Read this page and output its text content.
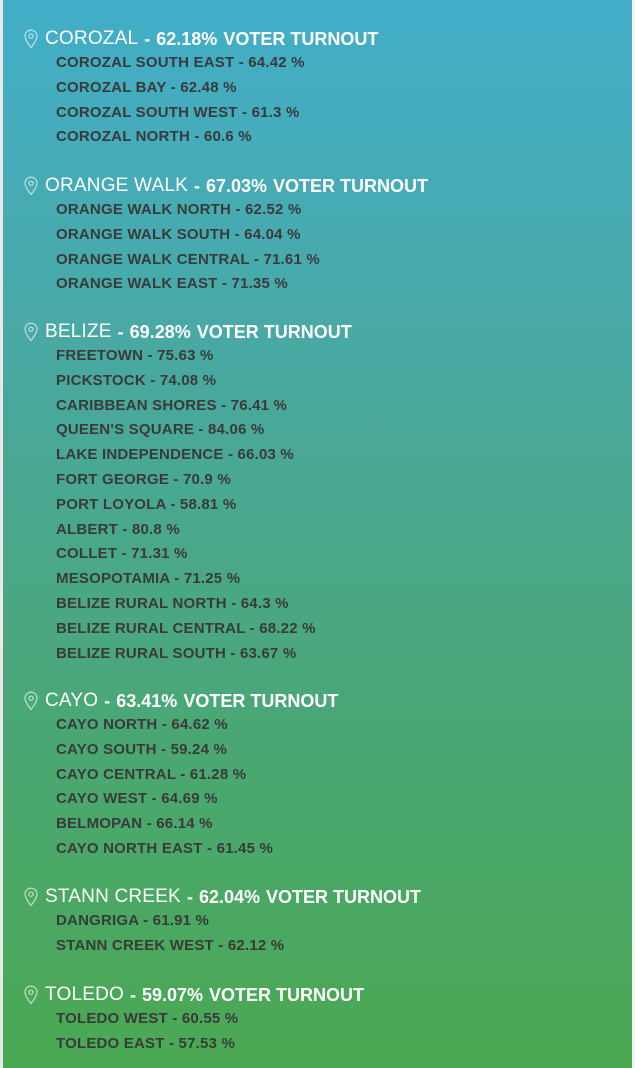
COROZAL - 62.18% VOTER TURNOUT
COROZAL SOUTH EAST - 64.42 %
COROZAL BAY - 62.48 %
COROZAL SOUTH WEST - 61.3 %
COROZAL NORTH - 60.6 %
ORANGE WALK - 67.03% VOTER TURNOUT
ORANGE WALK NORTH - 62.52 %
ORANGE WALK SOUTH - 64.04 %
ORANGE WALK CENTRAL - 71.61 %
ORANGE WALK EAST - 71.35 %
BELIZE - 69.28% VOTER TURNOUT
FREETOWN - 75.63 %
PICKSTOCK - 74.08 %
CARIBBEAN SHORES - 76.41 %
QUEEN'S SQUARE - 84.06 %
LAKE INDEPENDENCE - 66.03 %
FORT GEORGE - 70.9 %
PORT LOYOLA - 58.81 %
ALBERT - 80.8 %
COLLET - 71.31 %
MESOPOTAMIA - 71.25 %
BELIZE RURAL NORTH - 64.3 %
BELIZE RURAL CENTRAL - 68.22 %
BELIZE RURAL SOUTH - 63.67 %
CAYO - 63.41% VOTER TURNOUT
CAYO NORTH - 64.62 %
CAYO SOUTH - 59.24 %
CAYO CENTRAL - 61.28 %
CAYO WEST - 64.69 %
BELMOPAN - 66.14 %
CAYO NORTH EAST - 61.45 %
STANN CREEK - 62.04% VOTER TURNOUT
DANGRIGA - 61.91 %
STANN CREEK WEST - 62.12 %
TOLEDO - 59.07% VOTER TURNOUT
TOLEDO WEST - 60.55 %
TOLEDO EAST - 57.53 %
